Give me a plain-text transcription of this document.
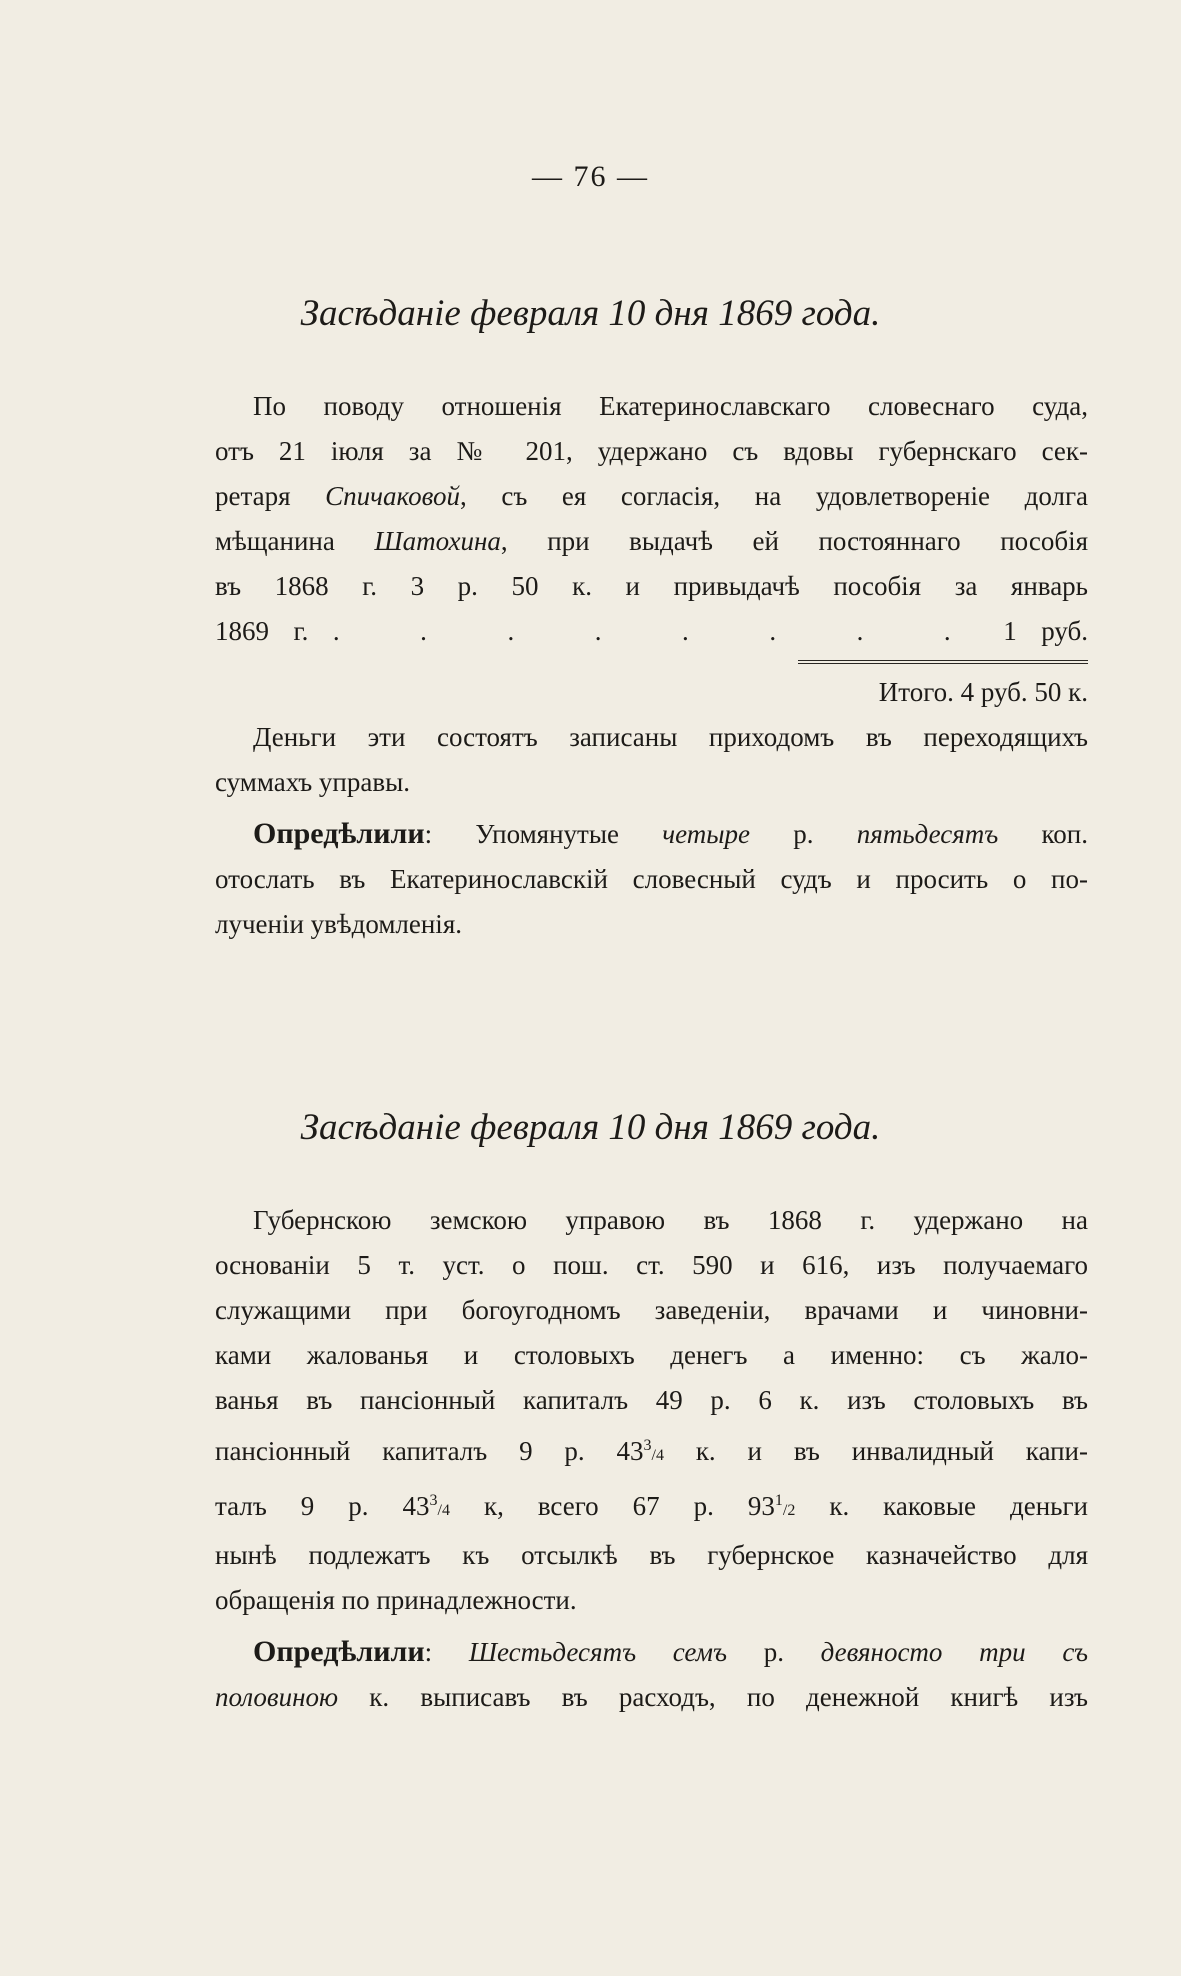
— 76 —
Засѣданіе февраля 10 дня 1869 года.

По поводу отношенія Екатеринославскаго словеснаго суда,

отъ 21 іюля за № 201, удержано съ вдовы губернскаго сек-

ретаря Спичаковой, съ ея согласія, на удовлетвореніе долга

мѣщанина Шатохина, при выдачѣ ей постояннаго пособія

въ 1868 г. 3 р. 50 к. и привыдачѣ пособія за январь

1869 г. . . . . . . . . 1 руб.

Итого. 4 руб. 50 к.

Деньги эти состоятъ записаны приходомъ въ переходящихъ

суммахъ управы.

Опредѣлили: Упомянутые четыре р. пятьдесятъ коп.

отослать въ Екатеринославскій словесный судъ и просить о по-

лученіи увѣдомленія.

Засѣданіе февраля 10 дня 1869 года.

Губернскою земскою управою въ 1868 г. удержано на

основаніи 5 т. уст. о пош. ст. 590 и 616, изъ получаемаго

служащими при богоугодномъ заведеніи, врачами и чиновни-

ками жалованья и столовыхъ денегъ а именно: съ жало-

ванья въ пансіонный капиталъ 49 р. 6 к. изъ столовыхъ въ

пансіонный капиталъ 9 р. $43^3/4$ к. и въ инвалидный капи-

талъ 9 р. $43^3/4$ к, всего 67 р. $93^1/2$ к. каковые деньги

нынѣ подлежатъ къ отсылкѣ въ губернское казначейство для

обращенія по принадлежности.

Опредѣлили: Шестьдесятъ семъ р. девяносто три съ

половиною к. выписавъ въ расходъ, по денежной книгѣ изъ
